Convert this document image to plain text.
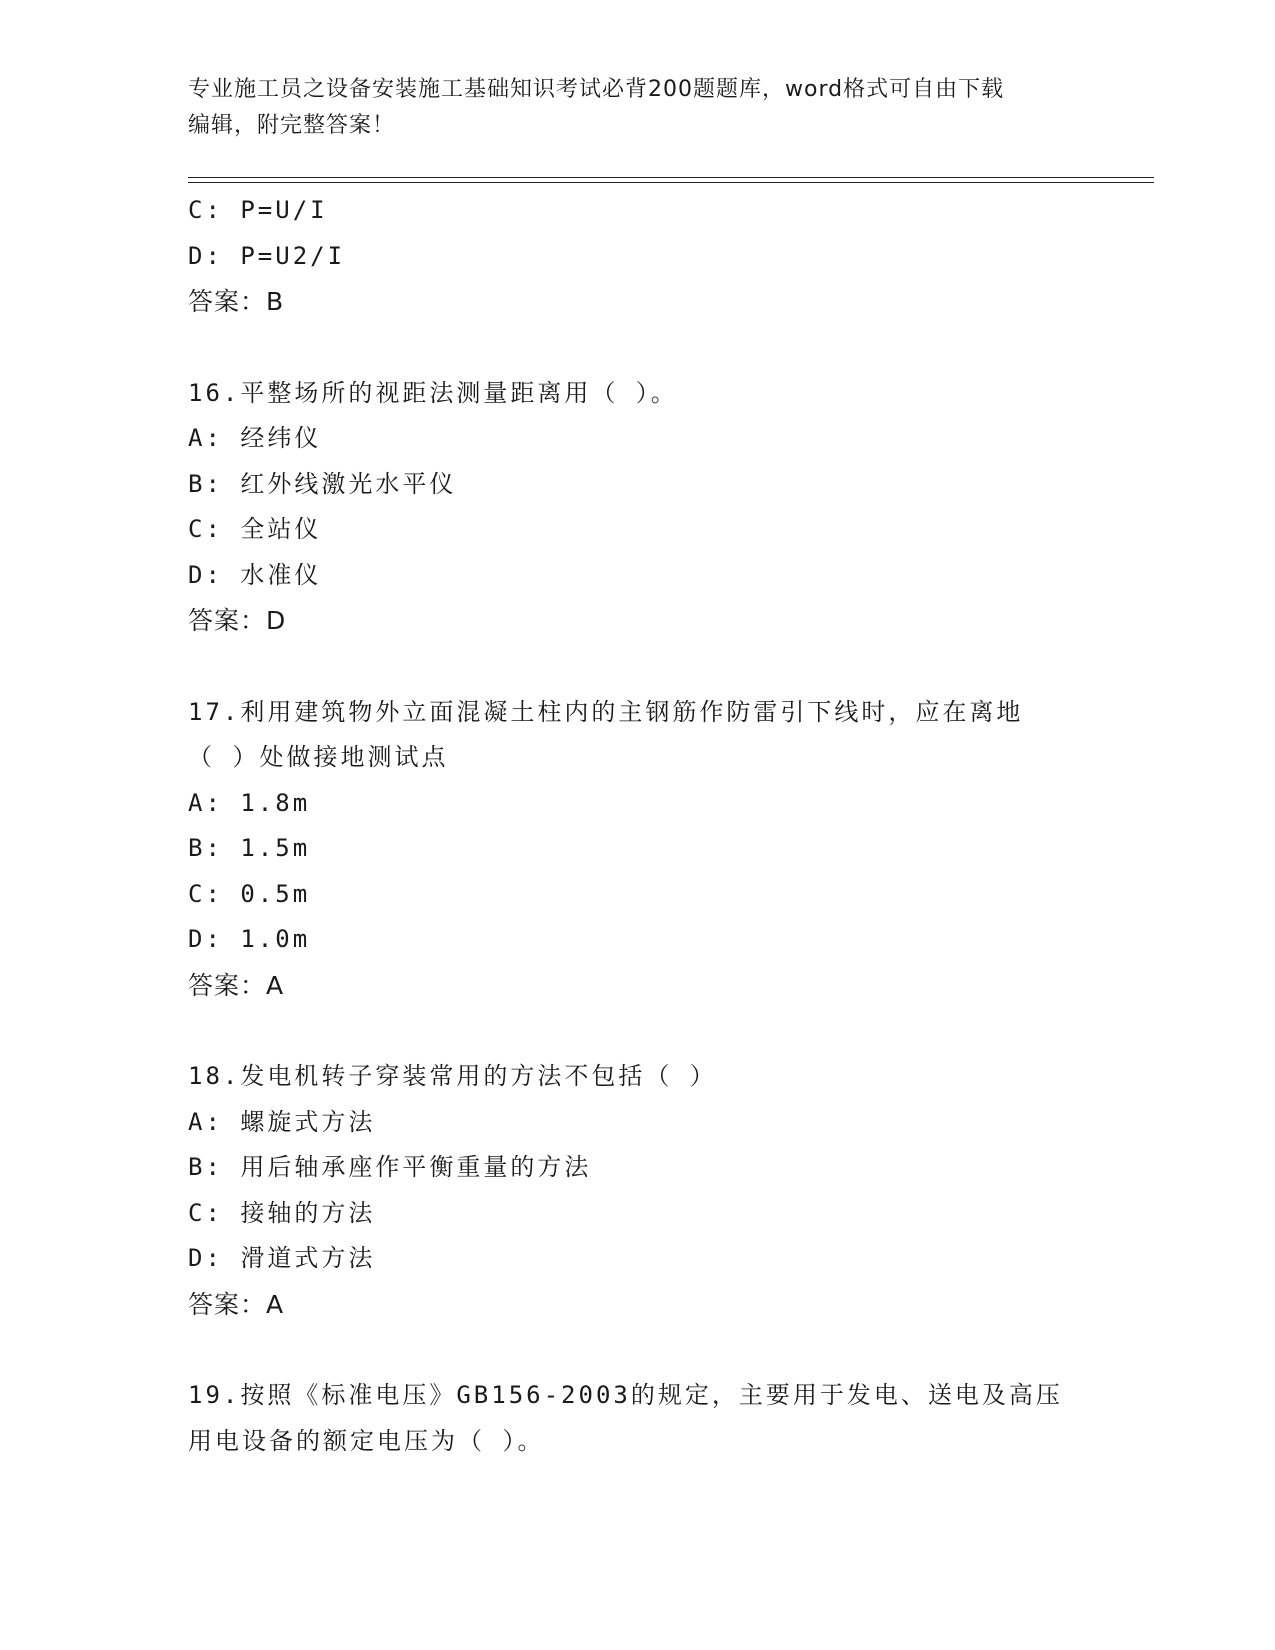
专业施工员之设备安装施工基础知识考试必背200题题库，word格式可自由下载
编辑，附完整答案！
C: P=U/I
D: P=U2/I
答案：B
16.平整场所的视距法测量距离用（ ）。
A: 经纬仪
B: 红外线激光水平仪
C: 全站仪
D: 水准仪
答案：D
17.利用建筑物外立面混凝土柱内的主钢筋作防雷引下线时，应在离地
（ ）处做接地测试点
A: 1.8m
B: 1.5m
C: 0.5m
D: 1.0m
答案：A
18.发电机转子穿装常用的方法不包括（ ）
A: 螺旋式方法
B: 用后轴承座作平衡重量的方法
C: 接轴的方法
D: 滑道式方法
答案：A
19.按照《标准电压》GB156-2003的规定，主要用于发电、送电及高压
用电设备的额定电压为（ ）。
